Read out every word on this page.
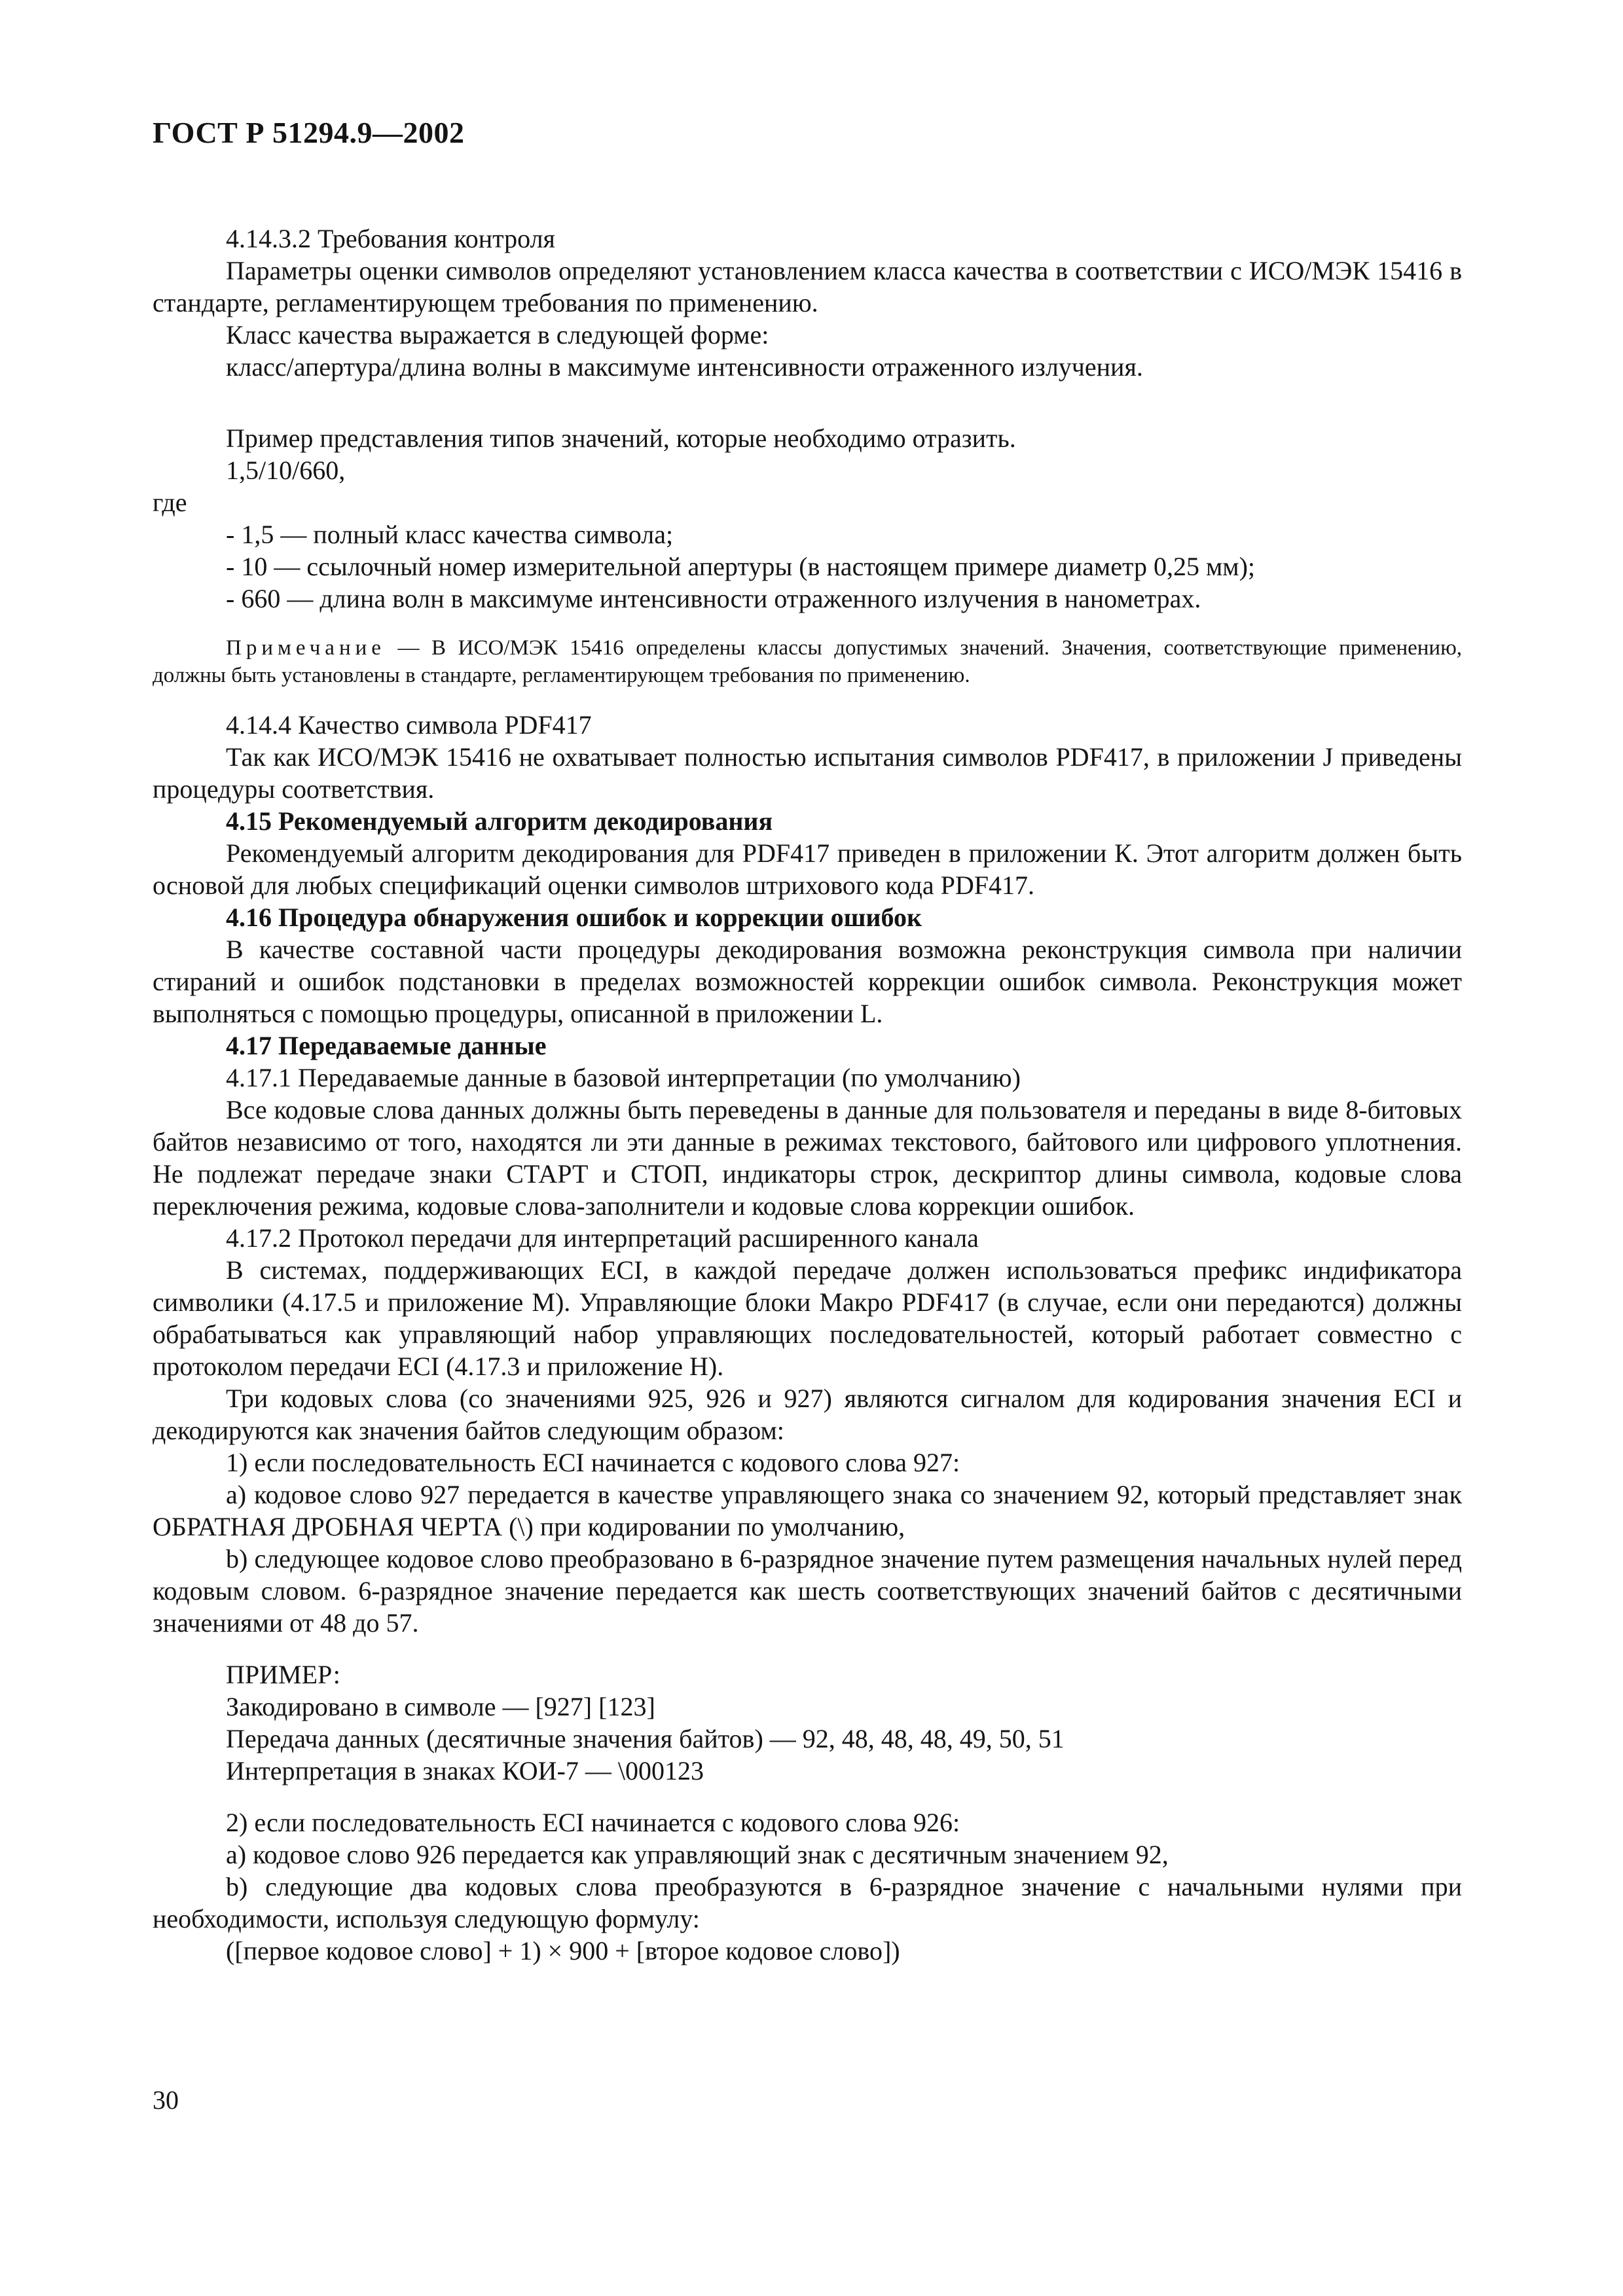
ГОСТ Р 51294.9—2002

4.14.3.2 Требования контроля

Параметры оценки символов определяют установлением класса качества в соответствии с ИСО/МЭК 15416 в стандарте, регламентирующем требования по применению.

Класс качества выражается в следующей форме:

класс/апертура/длина волны в максимуме интенсивности отраженного излучения.

Пример представления типов значений, которые необходимо отразить.

1,5/10/660,

где

- 1,5 — полный класс качества символа;

- 10 — ссылочный номер измерительной апертуры (в настоящем примере диаметр 0,25 мм);

- 660 — длина волн в максимуме интенсивности отраженного излучения в нанометрах.

Примечание — В ИСО/МЭК 15416 определены классы допустимых значений. Значения, соответствующие применению, должны быть установлены в стандарте, регламентирующем требования по применению.

4.14.4 Качество символа PDF417

Так как ИСО/МЭК 15416 не охватывает полностью испытания символов PDF417, в приложении J приведены процедуры соответствия.

4.15 Рекомендуемый алгоритм декодирования

Рекомендуемый алгоритм декодирования для PDF417 приведен в приложении К. Этот алгоритм должен быть основой для любых спецификаций оценки символов штрихового кода PDF417.

4.16 Процедура обнаружения ошибок и коррекции ошибок

В качестве составной части процедуры декодирования возможна реконструкция символа при наличии стираний и ошибок подстановки в пределах возможностей коррекции ошибок символа. Реконструкция может выполняться с помощью процедуры, описанной в приложении L.

4.17 Передаваемые данные

4.17.1 Передаваемые данные в базовой интерпретации (по умолчанию)

Все кодовые слова данных должны быть переведены в данные для пользователя и переданы в виде 8-битовых байтов независимо от того, находятся ли эти данные в режимах текстового, байтового или цифрового уплотнения. Не подлежат передаче знаки СТАРТ и СТОП, индикаторы строк, дескриптор длины символа, кодовые слова переключения режима, кодовые слова-заполнители и кодовые слова коррекции ошибок.

4.17.2 Протокол передачи для интерпретаций расширенного канала

В системах, поддерживающих ECI, в каждой передаче должен использоваться префикс индификатора символики (4.17.5 и приложение М). Управляющие блоки Макро PDF417 (в случае, если они передаются) должны обрабатываться как управляющий набор управляющих последовательностей, который работает совместно с протоколом передачи ECI (4.17.3 и приложение Н).

Три кодовых слова (со значениями 925, 926 и 927) являются сигналом для кодирования значения ECI и декодируются как значения байтов следующим образом:

1) если последовательность ECI начинается с кодового слова 927:

a) кодовое слово 927 передается в качестве управляющего знака со значением 92, который представляет знак ОБРАТНАЯ ДРОБНАЯ ЧЕРТА (\) при кодировании по умолчанию,

b) следующее кодовое слово преобразовано в 6-разрядное значение путем размещения начальных нулей перед кодовым словом. 6-разрядное значение передается как шесть соответствующих значений байтов с десятичными значениями от 48 до 57.

ПРИМЕР:

Закодировано в символе — [927] [123]

Передача данных (десятичные значения байтов) — 92, 48, 48, 48, 49, 50, 51

Интерпретация в знаках КОИ-7 — \000123

2) если последовательность ECI начинается с кодового слова 926:

a) кодовое слово 926 передается как управляющий знак с десятичным значением 92,

b) следующие два кодовых слова преобразуются в 6-разрядное значение с начальными нулями при необходимости, используя следующую формулу:

([первое кодовое слово] + 1) × 900 + [второе кодовое слово])

30
